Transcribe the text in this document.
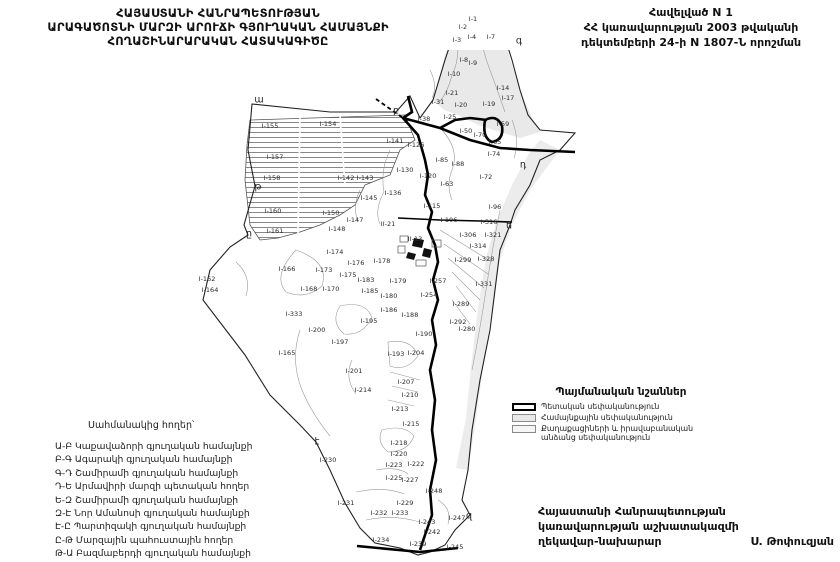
ՀԱՅԱՍՏԱՆԻ ՀԱՆՐԱՊԵՏՈՒԹՅԱՆ
ԱՐԱԳԱԾՈՏՆԻ ՄԱՐԶԻ ԱՐՈՒՃԻ ԳՅՈՒՂԱԿԱՆ ՀԱՄԱՅՆՔԻ
ՀՈՂԱՇԻՆԱՐԱՐԱԿԱՆ ՀԱՏԱԿԱԳԻԾԸ
Հավելված N 1
ՀՀ կառավարության 2003 թվականի
դեկտեմբերի 24-ի N 1807-Ն որոշման
I-1
I-2
I-3 I-4 I-7
I-8 I-9
I-10
I-14
I-17
I-19
I-20
I-21
I-25
I-31
I-38
I-50
I-59
I-65
I-70
I-74
I-85 I-88
I-72
I-63
I-96
I-106
I-115
I-120
I-126
I-130
I-136
I-141
I-142 I-143
I-145
I-147
I-148
I-150
I-154
I-155
I-157
I-158
I-160
I-161
I-316
I-306 I-321
I-314
I-299 I-328
I-331
I-257
I-254
I-289
I-292
I-280
II-21
II-13
I-162
I-164
I-166
I-168 I-170
I-173
I-174
I-175
I-176 I-178
I-179
I-180
I-183
I-185
I-186
I-188
I-190
I-193
I-195
I-197
I-200
I-201
I-204
I-207
I-210
I-213
I-214
I-215
I-218
I-220
I-222
I-223
I-225 I-227
I-229
I-230
I-231
I-232 I-233
I-234	I-239
I-242
I-243
I-245
I-247
I-248
I-333
I-165
ա
բ
գ
դ
ե
զ
է
ը
թ
Պայմանական նշաններ
Պետական սեփականություն
Համայնքային սեփականություն
Քաղաքացիների և իրավաբանական անձանց սեփականություն
Սահմանակից հողեր՝
Ա-Բ Կաքավաձորի գյուղական համայնքի
Բ-Գ Ագարակի գյուղական համայնքի
Գ-Դ Շամիրամի գյուղական համայնքի
Դ-Ե Արմավիրի մարզի պետական հողեր
Ե-Զ Շամիրամի գյուղական համայնքի
Զ-Է Նոր Ամանոսի գյուղական համայնքի
Է-Ը Պարտիզակի գյուղական համայնքի
Ը-Թ Մարզային պահուստային հողեր
Թ-Ա Բազմաբերդի գյուղական համայնքի
Հայաստանի Հանրապետության
կառավարության աշխատակազմի
ղեկավար-նախարար	Ս. Թոփուզյան
